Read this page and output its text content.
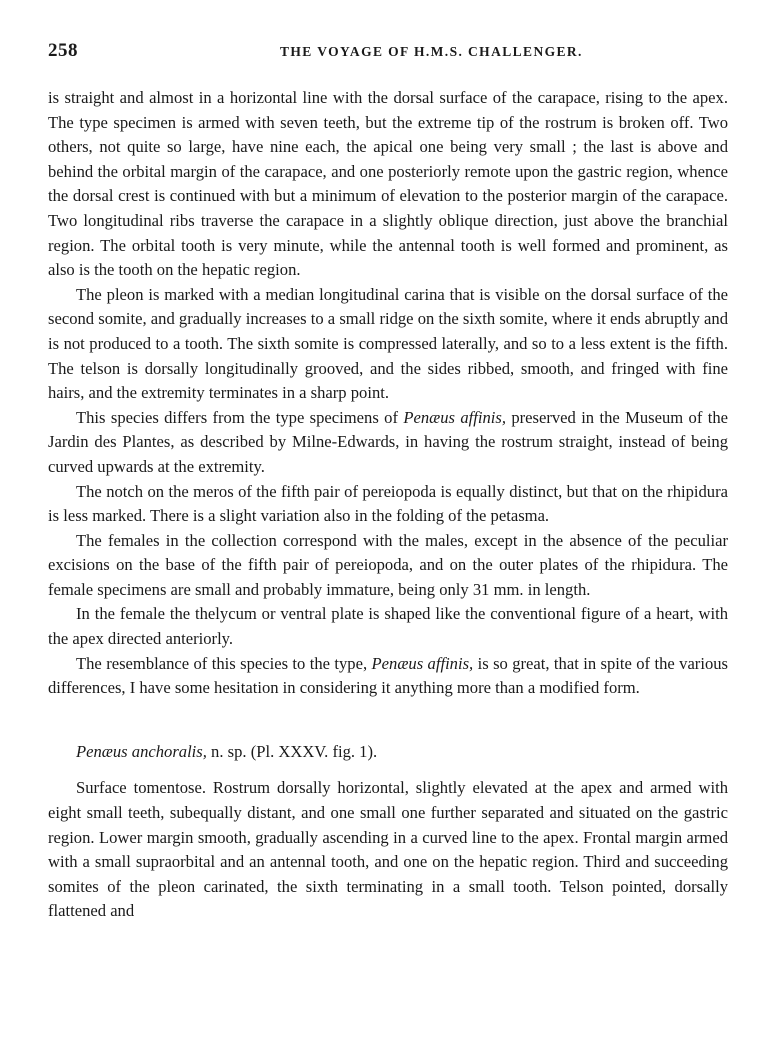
258	THE VOYAGE OF H.M.S. CHALLENGER.

is straight and almost in a horizontal line with the dorsal surface of the carapace, rising to the apex. The type specimen is armed with seven teeth, but the extreme tip of the rostrum is broken off. Two others, not quite so large, have nine each, the apical one being very small ; the last is above and behind the orbital margin of the carapace, and one posteriorly remote upon the gastric region, whence the dorsal crest is continued with but a minimum of elevation to the posterior margin of the carapace. Two longitudinal ribs traverse the carapace in a slightly oblique direction, just above the branchial region. The orbital tooth is very minute, while the antennal tooth is well formed and prominent, as also is the tooth on the hepatic region.

The pleon is marked with a median longitudinal carina that is visible on the dorsal surface of the second somite, and gradually increases to a small ridge on the sixth somite, where it ends abruptly and is not produced to a tooth. The sixth somite is compressed laterally, and so to a less extent is the fifth. The telson is dorsally longitudinally grooved, and the sides ribbed, smooth, and fringed with fine hairs, and the extremity terminates in a sharp point.

This species differs from the type specimens of Penæus affinis, preserved in the Museum of the Jardin des Plantes, as described by Milne-Edwards, in having the rostrum straight, instead of being curved upwards at the extremity.

The notch on the meros of the fifth pair of pereiopoda is equally distinct, but that on the rhipidura is less marked. There is a slight variation also in the folding of the petasma.

The females in the collection correspond with the males, except in the absence of the peculiar excisions on the base of the fifth pair of pereiopoda, and on the outer plates of the rhipidura. The female specimens are small and probably immature, being only 31 mm. in length.

In the female the thelycum or ventral plate is shaped like the conventional figure of a heart, with the apex directed anteriorly.

The resemblance of this species to the type, Penæus affinis, is so great, that in spite of the various differences, I have some hesitation in considering it anything more than a modified form.

Penæus anchoralis, n. sp. (Pl. XXXV. fig. 1).

Surface tomentose. Rostrum dorsally horizontal, slightly elevated at the apex and armed with eight small teeth, subequally distant, and one small one further separated and situated on the gastric region. Lower margin smooth, gradually ascending in a curved line to the apex. Frontal margin armed with a small supraorbital and an antennal tooth, and one on the hepatic region. Third and succeeding somites of the pleon carinated, the sixth terminating in a small tooth. Telson pointed, dorsally flattened and
